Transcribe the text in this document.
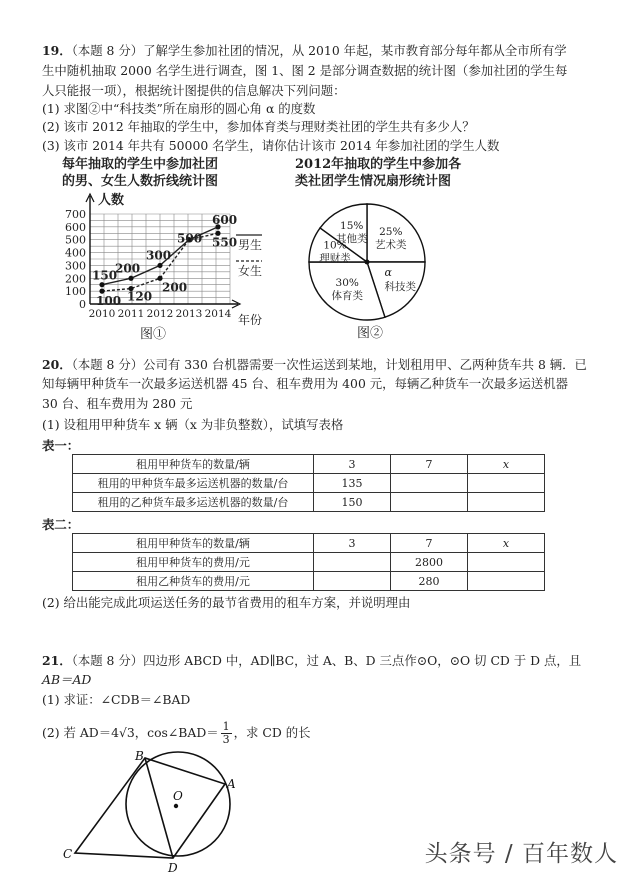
19．（本题 8 分）了解学生参加社团的情况，从 2010 年起，某市教育部分每年都从全市所有学
生中随机抽取 2000 名学生进行调查，图 1、图 2 是部分调查数据的统计图（参加社团的学生每
人只能报一项），根据统计图提供的信息解决下列问题：
(1) 求图②中“科技类”所在扇形的圆心角 α 的度数
(2) 该市 2012 年抽取的学生中，参加体育类与理财类社团的学生共有多少人？
(3) 该市 2014 年共有 50000 名学生，请你估计该市 2014 年参加社团的学生人数
每年抽取的学生中参加社团
的男、女生人数折线统计图
人数
年份
0
100
200
300
400
500
600
700
2010 2011 2012 2013 2014
150
200
300
500
600
100 120
200
550 男生
女生
图①
2012年抽取的学生中参加各
类社团学生情况扇形统计图
25%
艺术类
α
科技类
30%
体育类
10%
理财类
15%
其他类
图②
20．（本题 8 分）公司有 330 台机器需要一次性运送到某地，计划租用甲、乙两种货车共 8 辆．已
知每辆甲种货车一次最多运送机器 45 台、租车费用为 400 元，每辆乙种货车一次最多运送机器
30 台、租车费用为 280 元
(1) 设租用甲种货车 x 辆（x 为非负整数），试填写表格
表一：
租用甲种货车的数量/辆	3	7	x
租用的甲种货车最多运送机器的数量/台	135		
租用的乙种货车最多运送机器的数量/台	150		
表二：
租用甲种货车的数量/辆	3	7	x
租用甲种货车的费用/元		2800	
租用乙种货车的费用/元		280	
(2) 给出能完成此项运送任务的最节省费用的租车方案，并说明理由
21．（本题 8 分）四边形 ABCD 中，AD∥BC，过 A、B、D 三点作⊙O，⊙O 切 CD 于 D 点，且
AB＝AD
(1) 求证：∠CDB＝∠BAD
(2) 若 AD＝4√3，cos∠BAD＝ $\frac{1}{3}$ ，求 CD 的长
A
B
C
D
O
头条号 / 百年数人
